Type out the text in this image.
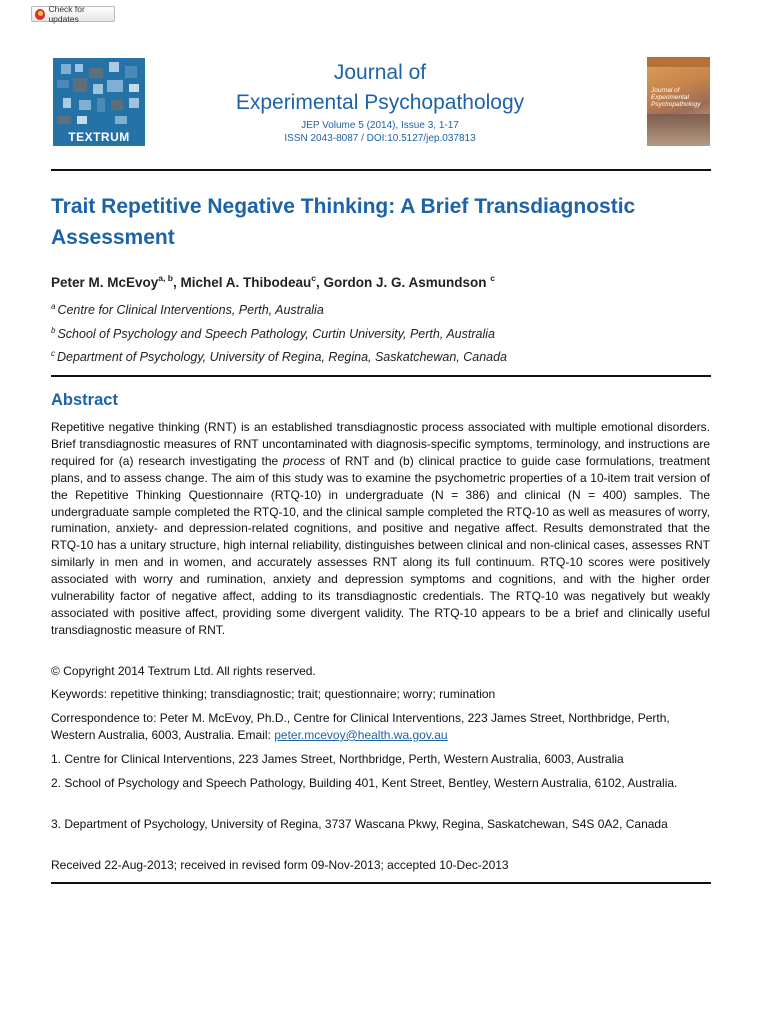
Check for updates
TEXTRUM
Journal of
Experimental Psychopathology
JEP Volume 5 (2014), Issue 3, 1-17
ISSN 2043-8087 / DOI:10.5127/jep.037813
Journal of Experimental Psychopathology
Trait Repetitive Negative Thinking: A Brief Transdiagnostic Assessment
Peter M. McEvoy$^{a, b}$, Michel A. Thibodeau$^c$, Gordon J. G. Asmundson $^c$
$^a$ Centre for Clinical Interventions, Perth, Australia
$^b$ School of Psychology and Speech Pathology, Curtin University, Perth, Australia
$^c$ Department of Psychology, University of Regina, Regina, Saskatchewan, Canada
Abstract
Repetitive negative thinking (RNT) is an established transdiagnostic process associated with multiple emotional disorders. Brief transdiagnostic measures of RNT uncontaminated with diagnosis-specific symptoms, terminology, and instructions are required for (a) research investigating the process of RNT and (b) clinical practice to guide case formulations, treatment plans, and to assess change. The aim of this study was to examine the psychometric properties of a 10-item trait version of the Repetitive Thinking Questionnaire (RTQ-10) in undergraduate (N = 386) and clinical (N = 400) samples. The undergraduate sample completed the RTQ-10, and the clinical sample completed the RTQ-10 as well as measures of worry, rumination, anxiety- and depression-related cognitions, and positive and negative affect. Results demonstrated that the RTQ-10 has a unitary structure, high internal reliability, distinguishes between clinical and non-clinical cases, assesses RNT similarly in men and in women, and accurately assesses RNT along its full continuum. RTQ-10 scores were positively associated with worry and rumination, anxiety and depression symptoms and cognitions, and with the higher order vulnerability factor of negative affect, adding to its transdiagnostic credentials. The RTQ-10 was negatively but weakly associated with positive affect, providing some divergent validity. The RTQ-10 appears to be a brief and clinically useful transdiagnostic measure of RNT.
© Copyright 2014 Textrum Ltd. All rights reserved.
Keywords: repetitive thinking; transdiagnostic; trait; questionnaire; worry; rumination
Correspondence to: Peter M. McEvoy, Ph.D., Centre for Clinical Interventions, 223 James Street, Northbridge, Perth, Western Australia, 6003, Australia. Email: peter.mcevoy@health.wa.gov.au
1. Centre for Clinical Interventions, 223 James Street, Northbridge, Perth, Western Australia, 6003, Australia
2. School of Psychology and Speech Pathology, Building 401, Kent Street, Bentley, Western Australia, 6102, Australia.
3. Department of Psychology, University of Regina, 3737 Wascana Pkwy, Regina, Saskatchewan, S4S 0A2, Canada
Received 22-Aug-2013; received in revised form 09-Nov-2013; accepted 10-Dec-2013
